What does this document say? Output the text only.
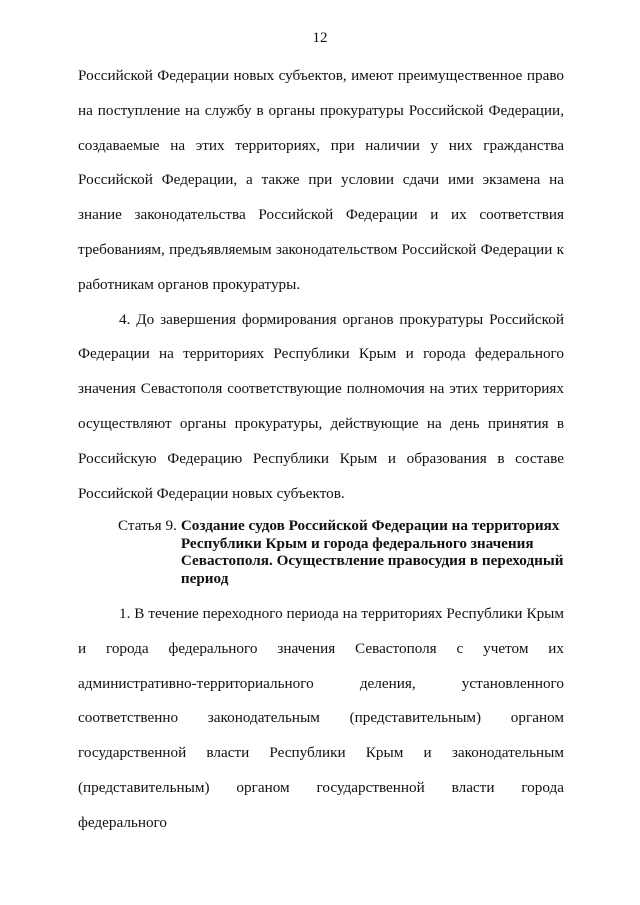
12

Российской Федерации новых субъектов, имеют преимущественное право на поступление на службу в органы прокуратуры Российской Федерации, создаваемые на этих территориях, при наличии у них гражданства Российской Федерации, а также при условии сдачи ими экзамена на знание законодательства Российской Федерации и их соответствия требованиям, предъявляемым законодательством Российской Федерации к работникам органов прокуратуры.

4. До завершения формирования органов прокуратуры Российской Федерации на территориях Республики Крым и города федерального значения Севастополя соответствующие полномочия на этих территориях осуществляют органы прокуратуры, действующие на день принятия в Российскую Федерацию Республики Крым и образования в составе Российской Федерации новых субъектов.

Статья 9. Создание судов Российской Федерации на территориях Республики Крым и города федерального значения Севастополя. Осуществление правосудия в переходный период

1. В течение переходного периода на территориях Республики Крым и города федерального значения Севастополя с учетом их административно-территориального деления, установленного соответственно законодательным (представительным) органом государственной власти Республики Крым и законодательным (представительным) органом государственной власти города федерального
